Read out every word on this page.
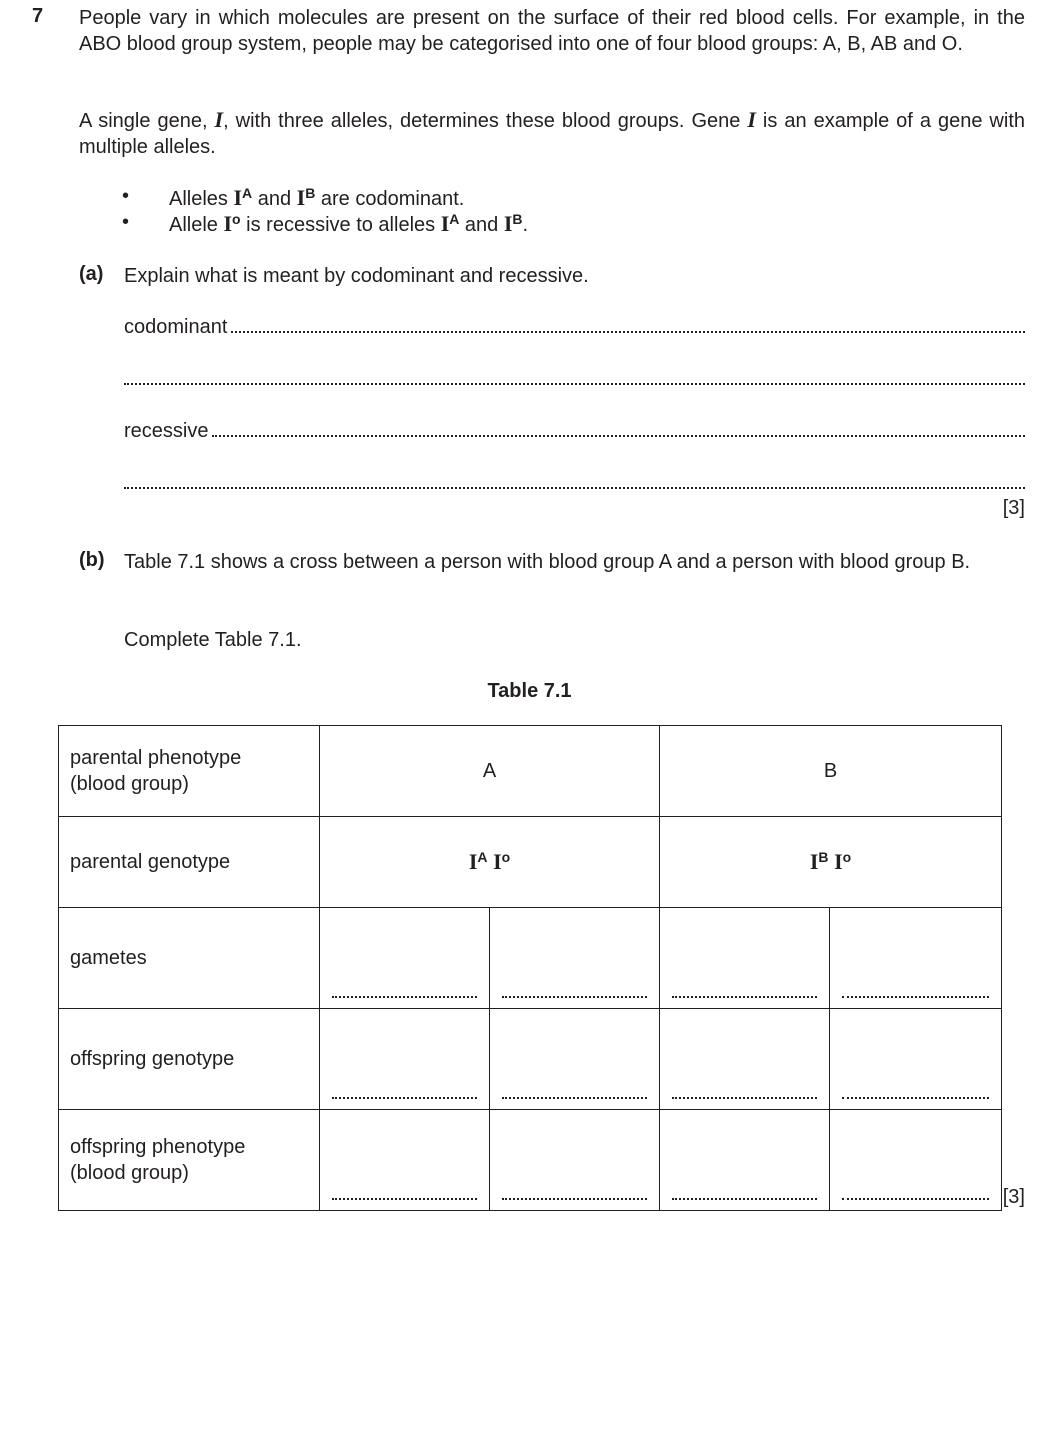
7 People vary in which molecules are present on the surface of their red blood cells. For example, in the ABO blood group system, people may be categorised into one of four blood groups: A, B, AB and O.

A single gene, I, with three alleles, determines these blood groups. Gene I is an example of a gene with multiple alleles.

• Alleles $I^A$ and $I^B$ are codominant.
• Allele $I^o$ is recessive to alleles $I^A$ and $I^B$.
(a) Explain what is meant by codominant and recessive.
codominant
recessive
[3]
(b) Table 7.1 shows a cross between a person with blood group A and a person with blood group B.
Complete Table 7.1.
Table 7.1
parental phenotype
(blood group)	A		B	
parental genotype	$I^A$ $I^o$		$I^B$ $I^o$
gametes	

offspring genotype	

offspring phenotype
(blood group)	

[3]
